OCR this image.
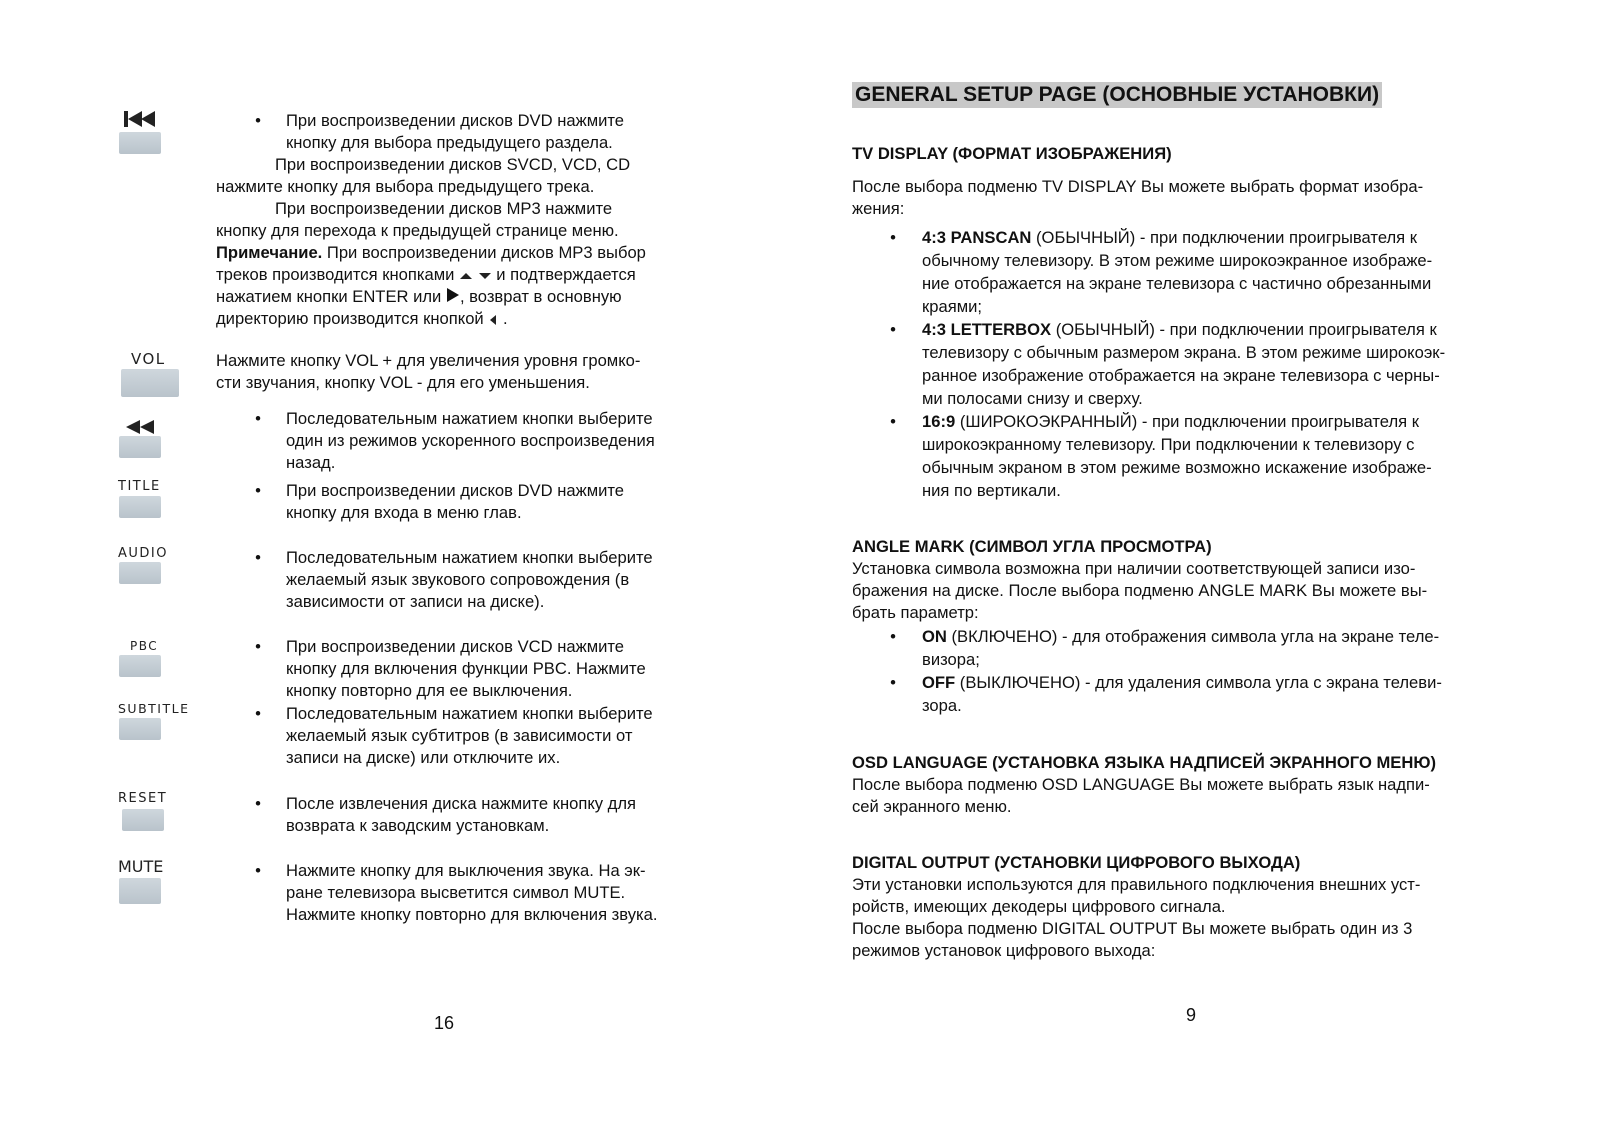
•
При воспроизведении дисков DVD нажмите
кнопку для выбора предыдущего раздела.
При воспроизведении дисков SVCD, VCD, CD
нажмите кнопку для выбора предыдущего трека.
При воспроизведении дисков MP3 нажмите
кнопку для перехода к предыдущей странице меню.
Примечание. При воспроизведении дисков MP3 выбор
треков производится кнопками

и подтверждается
нажатием кнопки ENTER или
, возврат в основную
директорию производится кнопкой
.
VOL	Нажмите кнопку VOL + для увеличения уровня громко-
сти звучания, кнопку VOL - для его уменьшения.
•
Последовательным нажатием кнопки выберите
один из режимов ускоренного воспроизведения
назад.
TITLE •	При воспроизведении дисков DVD нажмите
кнопку для входа в меню глав.
AUDIO •	Последовательным нажатием кнопки выберите
желаемый язык звукового сопровождения (в
зависимости от записи на диске).
PBC •	При воспроизведении дисков VCD нажмите
кнопку для включения функции PBC. Нажмите
кнопку повторно для ее выключения.
SUBTITLE •	Последовательным нажатием кнопки выберите
желаемый язык субтитров (в зависимости от
записи на диске) или отключите их.
RESET •	После извлечения диска нажмите кнопку для
возврата к заводским установкам.
MUTE •	Нажмите кнопку для выключения звука. На эк-
ране телевизора высветится символ MUTE.
Нажмите кнопку повторно для включения звука.
16
GENERAL SETUP PAGE (ОСНОВНЫЕ УСТАНОВКИ)
TV DISPLAY (ФОРМАТ ИЗОБРАЖЕНИЯ)
После выбора подменю TV DISPLAY Вы можете выбрать формат изобра-
жения:
•
4:3 PANSCAN (ОБЫЧНЫЙ) - при подключении проигрывателя к
обычному телевизору. В этом режиме широкоэкранное изображе-
ние отображается на экране телевизора с частично обрезанными
краями;
•
4:3 LETTERBOX (ОБЫЧНЫЙ) - при подключении проигрывателя к
телевизору с обычным размером экрана. В этом режиме широкоэк-
ранное изображение отображается на экране телевизора с черны-
ми полосами снизу и сверху.
•
16:9 (ШИРОКОЭКРАННЫЙ) - при подключении проигрывателя к
широкоэкранному телевизору. При подключении к телевизору с
обычным экраном в этом режиме возможно искажение изображе-
ния по вертикали.
ANGLE MARK (СИМВОЛ УГЛА ПРОСМОТРА)
Установка символа возможна при наличии соответствующей записи изо-
бражения на диске. После выбора подменю ANGLE MARK Вы можете вы-
брать параметр:
•
ON (ВКЛЮЧЕНО) - для отображения символа угла на экране теле-
визора;
•
OFF (ВЫКЛЮЧЕНО) - для удаления символа угла с экрана телеви-
зора.
OSD LANGUAGE (УСТАНОВКА ЯЗЫКА НАДПИСЕЙ ЭКРАННОГО МЕНЮ)
После выбора подменю OSD LANGUAGE Вы можете выбрать язык надпи-
сей экранного меню.
DIGITAL OUTPUT (УСТАНОВКИ ЦИФРОВОГО ВЫХОДА)
Эти установки используются для правильного подключения внешних уст-
ройств, имеющих декодеры цифрового сигнала.
После выбора подменю DIGITAL OUTPUT Вы можете выбрать один из 3
режимов установок цифрового выхода:
9
